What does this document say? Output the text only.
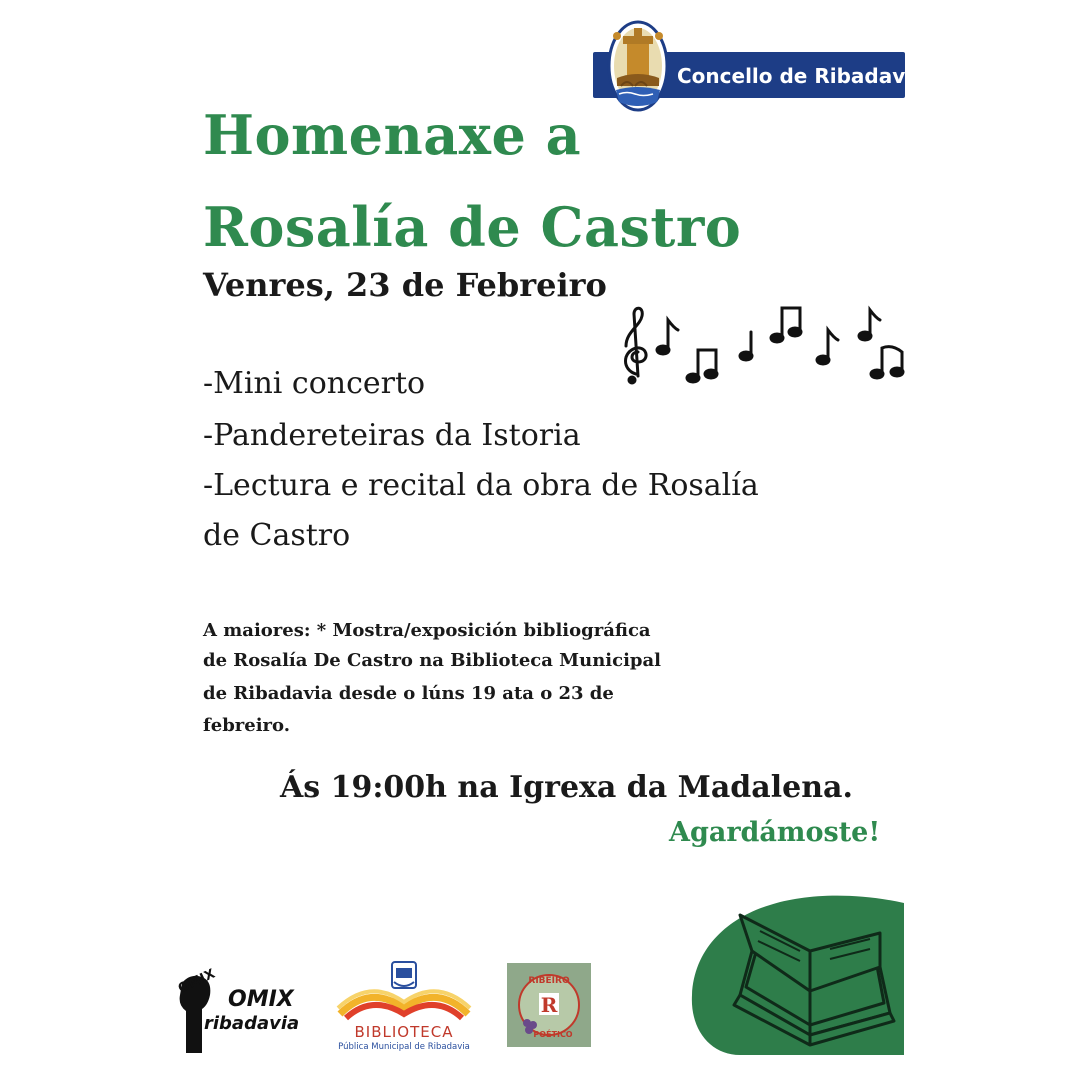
Concello de Ribadavia
Homenaxe a
Rosalía de Castro
Venres, 23 de Febreiro
-Mini concerto
-Pandereteiras da Istoria
-Lectura e recital da obra de Rosalía
de Castro
A maiores: * Mostra/exposición bibliográfica
de Rosalía De Castro na Biblioteca Municipal
de Ribadavia desde o lúns 19 ata o 23 de
febreiro.
Ás 19:00h na Igrexa da Madalena.
Agardámoste!
OMIX
OMIX
ribadavia	BIBLIOTECA
Pública Municipal de Ribadavia
RIBEIRO
R
POÉTICO
